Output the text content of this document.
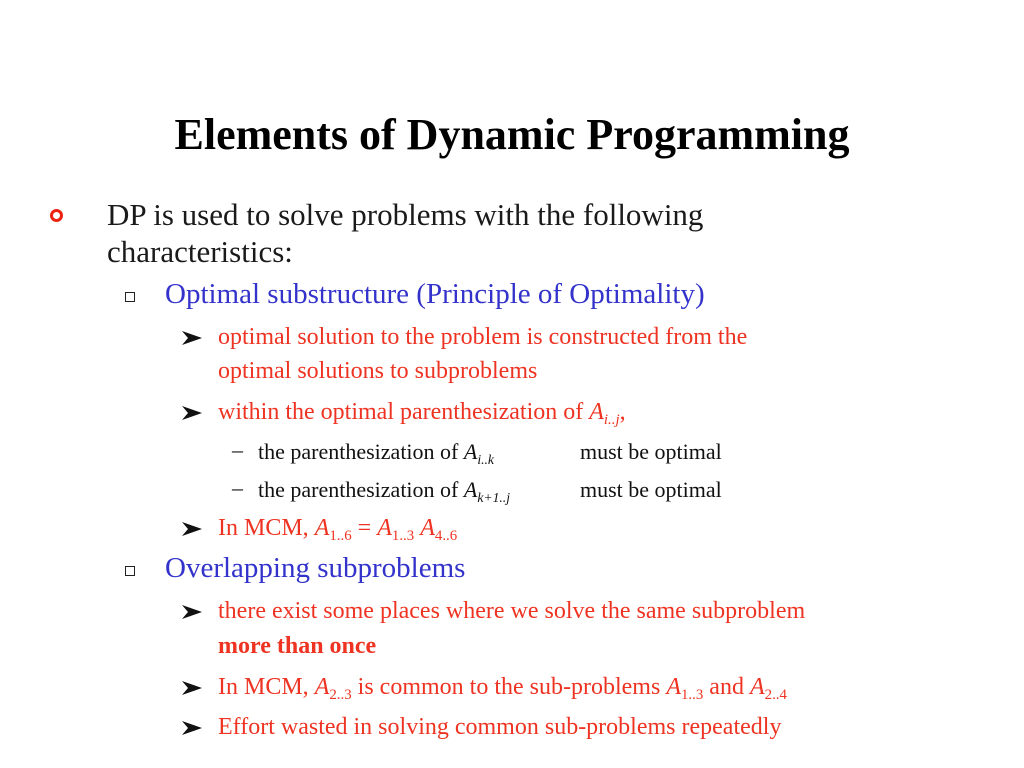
Elements of Dynamic Programming
DP is used to solve problems with the following
characteristics:
Optimal substructure (Principle of Optimality)
optimal solution to the problem is constructed from the
optimal solutions to subproblems
within the optimal parenthesization of $A_{i..j}$,
– the parenthesization of $A_{i..k}$	must be optimal
– the parenthesization of $A_{k+1..j}$	must be optimal
In MCM, $A_{1..6} = A_{1..3}$ $A_{4..6}$
Overlapping subproblems
there exist some places where we solve the same subproblem
more than once
In MCM, $A_{2..3}$ is common to the sub-problems $A_{1..3}$ and $A_{2..4}$
Effort wasted in solving common sub-problems repeatedly
